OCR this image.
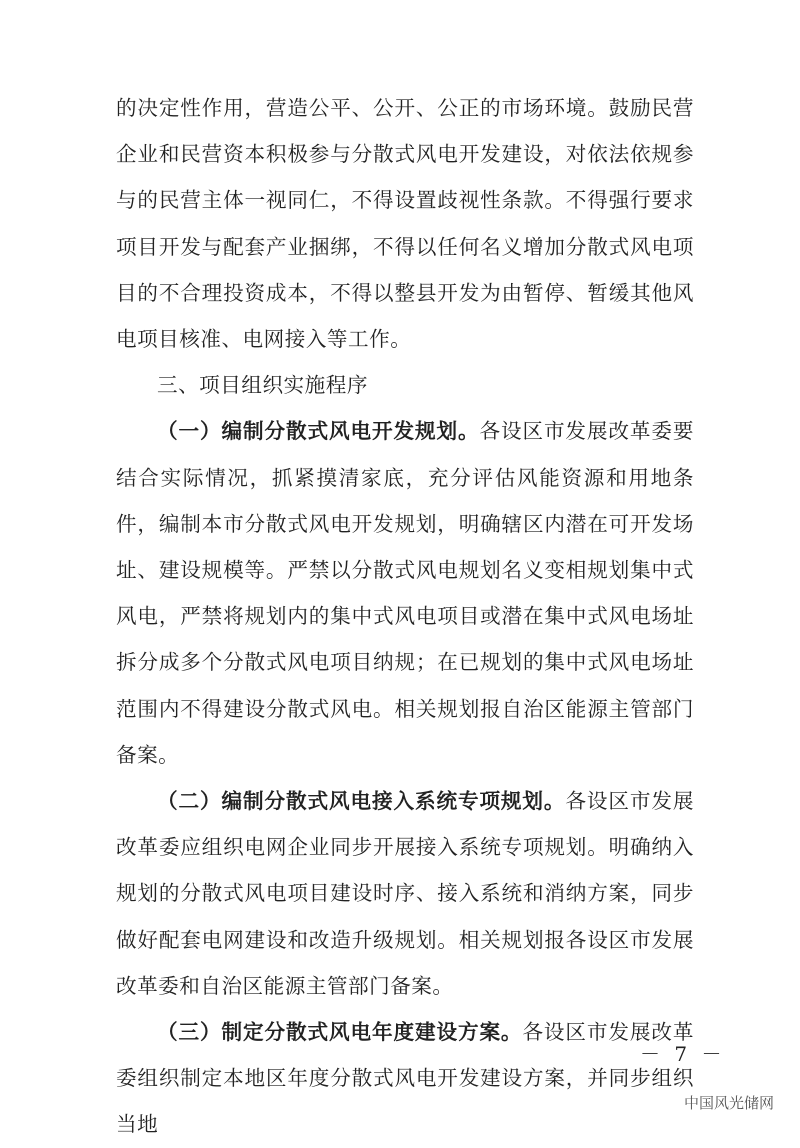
的决定性作用，营造公平、公开、公正的市场环境。鼓励民营企业和民营资本积极参与分散式风电开发建设，对依法依规参与的民营主体一视同仁，不得设置歧视性条款。不得强行要求项目开发与配套产业捆绑，不得以任何名义增加分散式风电项目的不合理投资成本，不得以整县开发为由暂停、暂缓其他风电项目核准、电网接入等工作。

三、项目组织实施程序

（一）编制分散式风电开发规划。各设区市发展改革委要结合实际情况，抓紧摸清家底，充分评估风能资源和用地条件，编制本市分散式风电开发规划，明确辖区内潜在可开发场址、建设规模等。严禁以分散式风电规划名义变相规划集中式风电，严禁将规划内的集中式风电项目或潜在集中式风电场址拆分成多个分散式风电项目纳规；在已规划的集中式风电场址范围内不得建设分散式风电。相关规划报自治区能源主管部门备案。

（二）编制分散式风电接入系统专项规划。各设区市发展改革委应组织电网企业同步开展接入系统专项规划。明确纳入规划的分散式风电项目建设时序、接入系统和消纳方案，同步做好配套电网建设和改造升级规划。相关规划报各设区市发展改革委和自治区能源主管部门备案。

（三）制定分散式风电年度建设方案。各设区市发展改革委组织制定本地区年度分散式风电开发建设方案，并同步组织当地

－ 7 －
中国风光储网
